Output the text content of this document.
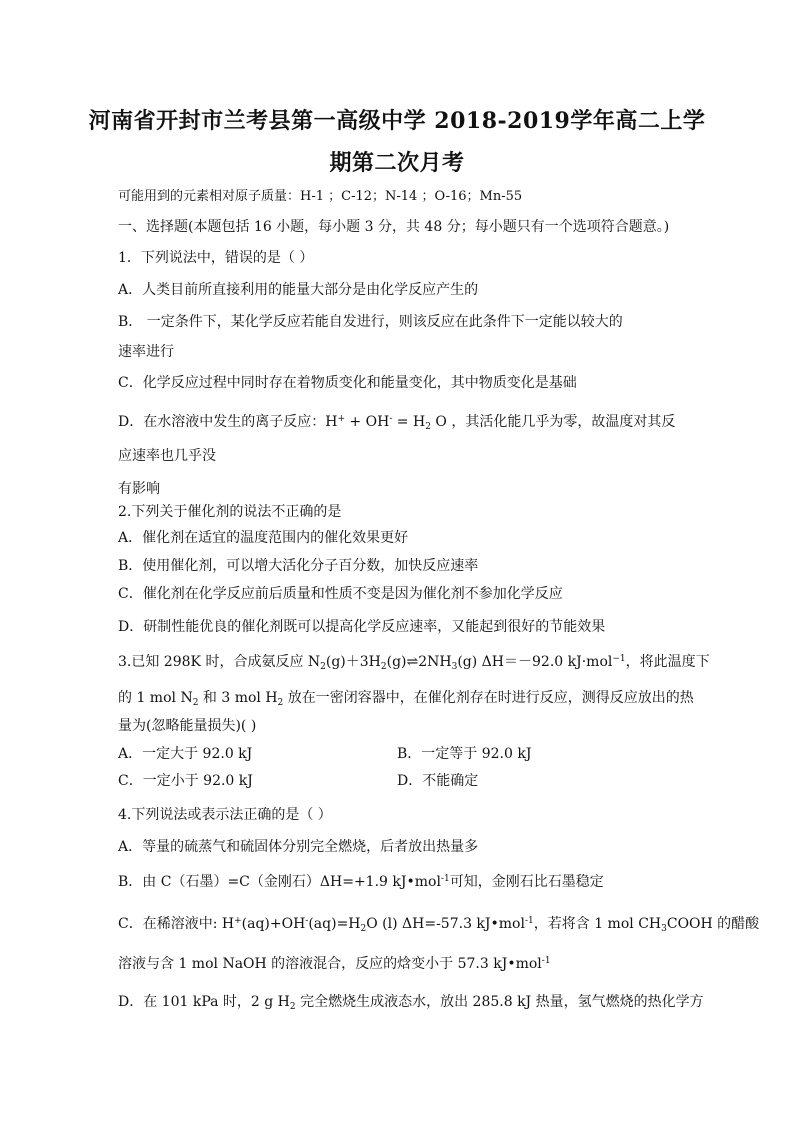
河南省开封市兰考县第一高级中学 2018-2019学年高二上学
期第二次月考
可能用到的元素相对原子质量：H-1 ；C-12；N-14 ；O-16；Mn-55
一、选择题(本题包括 16 小题，每小题 3 分，共 48 分；每小题只有一个选项符合题意。)
1．下列说法中，错误的是（ ）
A．人类目前所直接利用的能量大部分是由化学反应产生的
B． 一定条件下，某化学反应若能自发进行，则该反应在此条件下一定能以较大的
速率进行
C．化学反应过程中同时存在着物质变化和能量变化，其中物质变化是基础
D．在水溶液中发生的离子反应：$H^+ + OH^- = H_2$ O ，其活化能几乎为零，故温度对其反
应速率也几乎没
有影响
2.下列关于催化剂的说法不正确的是
A．催化剂在适宜的温度范围内的催化效果更好
B．使用催化剂，可以增大活化分子百分数，加快反应速率
C．催化剂在化学反应前后质量和性质不变是因为催化剂不参加化学反应
D．研制性能优良的催化剂既可以提高化学反应速率，又能起到很好的节能效果
3.已知 298K 时，合成氨反应 $N_2(g)+3H_2(g)\rightleftharpoons 2NH_3(g)$ ΔH＝－92.0 kJ·mol$^{-1}$，将此温度下
的 1 mol $N_2$ 和 3 mol $H_2$ 放在一密闭容器中，在催化剂存在时进行反应，测得反应放出的热
量为(忽略能量损失)( )
A．一定大于 92.0 kJ	B．一定等于 92.0 kJ
C．一定小于 92.0 kJ	D．不能确定
4.下列说法或表示法正确的是（ ）
A．等量的硫蒸气和硫固体分别完全燃烧，后者放出热量多
B．由 C（石墨）=C（金刚石）ΔH=+1.9 kJ•mol$^{-1}$可知，金刚石比石墨稳定
C．在稀溶液中: $H^+(aq)+OH^-(aq)=H_2O$ (l) ΔH=-57.3 kJ•mol$^{-1}$，若将含 1 mol $CH_3COOH$ 的醋酸
溶液与含 1 mol NaOH 的溶液混合，反应的焓变小于 57.3 kJ•mol$^{-1}$
D．在 101 kPa 时，2 g $H_2$ 完全燃烧生成液态水，放出 285.8 kJ 热量，氢气燃烧的热化学方
